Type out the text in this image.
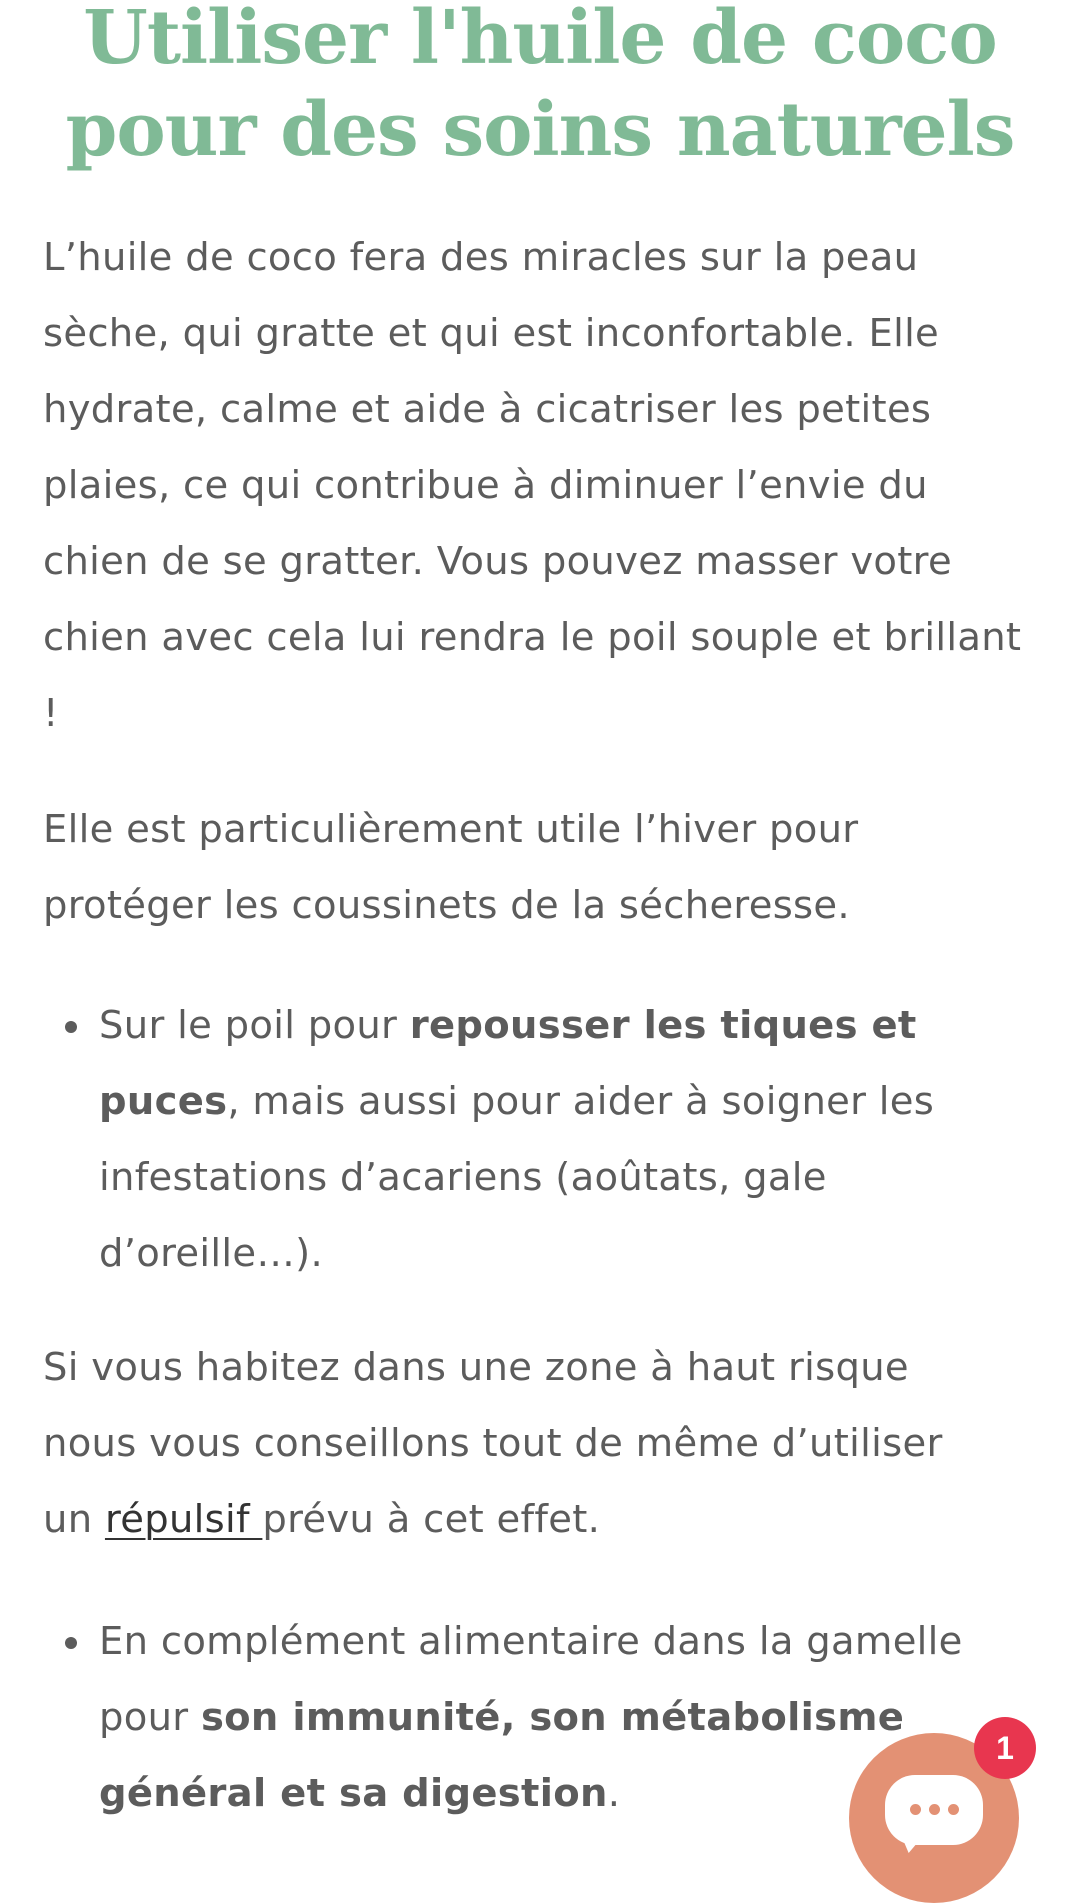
Utiliser l'huile de coco
pour des soins naturels

L’huile de coco fera des miracles sur la peau sèche, qui gratte et qui est inconfortable. Elle hydrate, calme et aide à cicatriser les petites plaies, ce qui contribue à diminuer l’envie du chien de se gratter. Vous pouvez masser votre chien avec cela lui rendra le poil souple et brillant !

Elle est particulièrement utile l’hiver pour protéger les coussinets de la sécheresse.

Sur le poil pour repousser les tiques et puces, mais aussi pour aider à soigner les infestations d’acariens (aoûtats, gale d’oreille…).

Si vous habitez dans une zone à haut risque nous vous conseillons tout de même d’utiliser un répulsif prévu à cet effet.

En complément alimentaire dans la gamelle pour son immunité, son métabolisme général et sa digestion.
1
